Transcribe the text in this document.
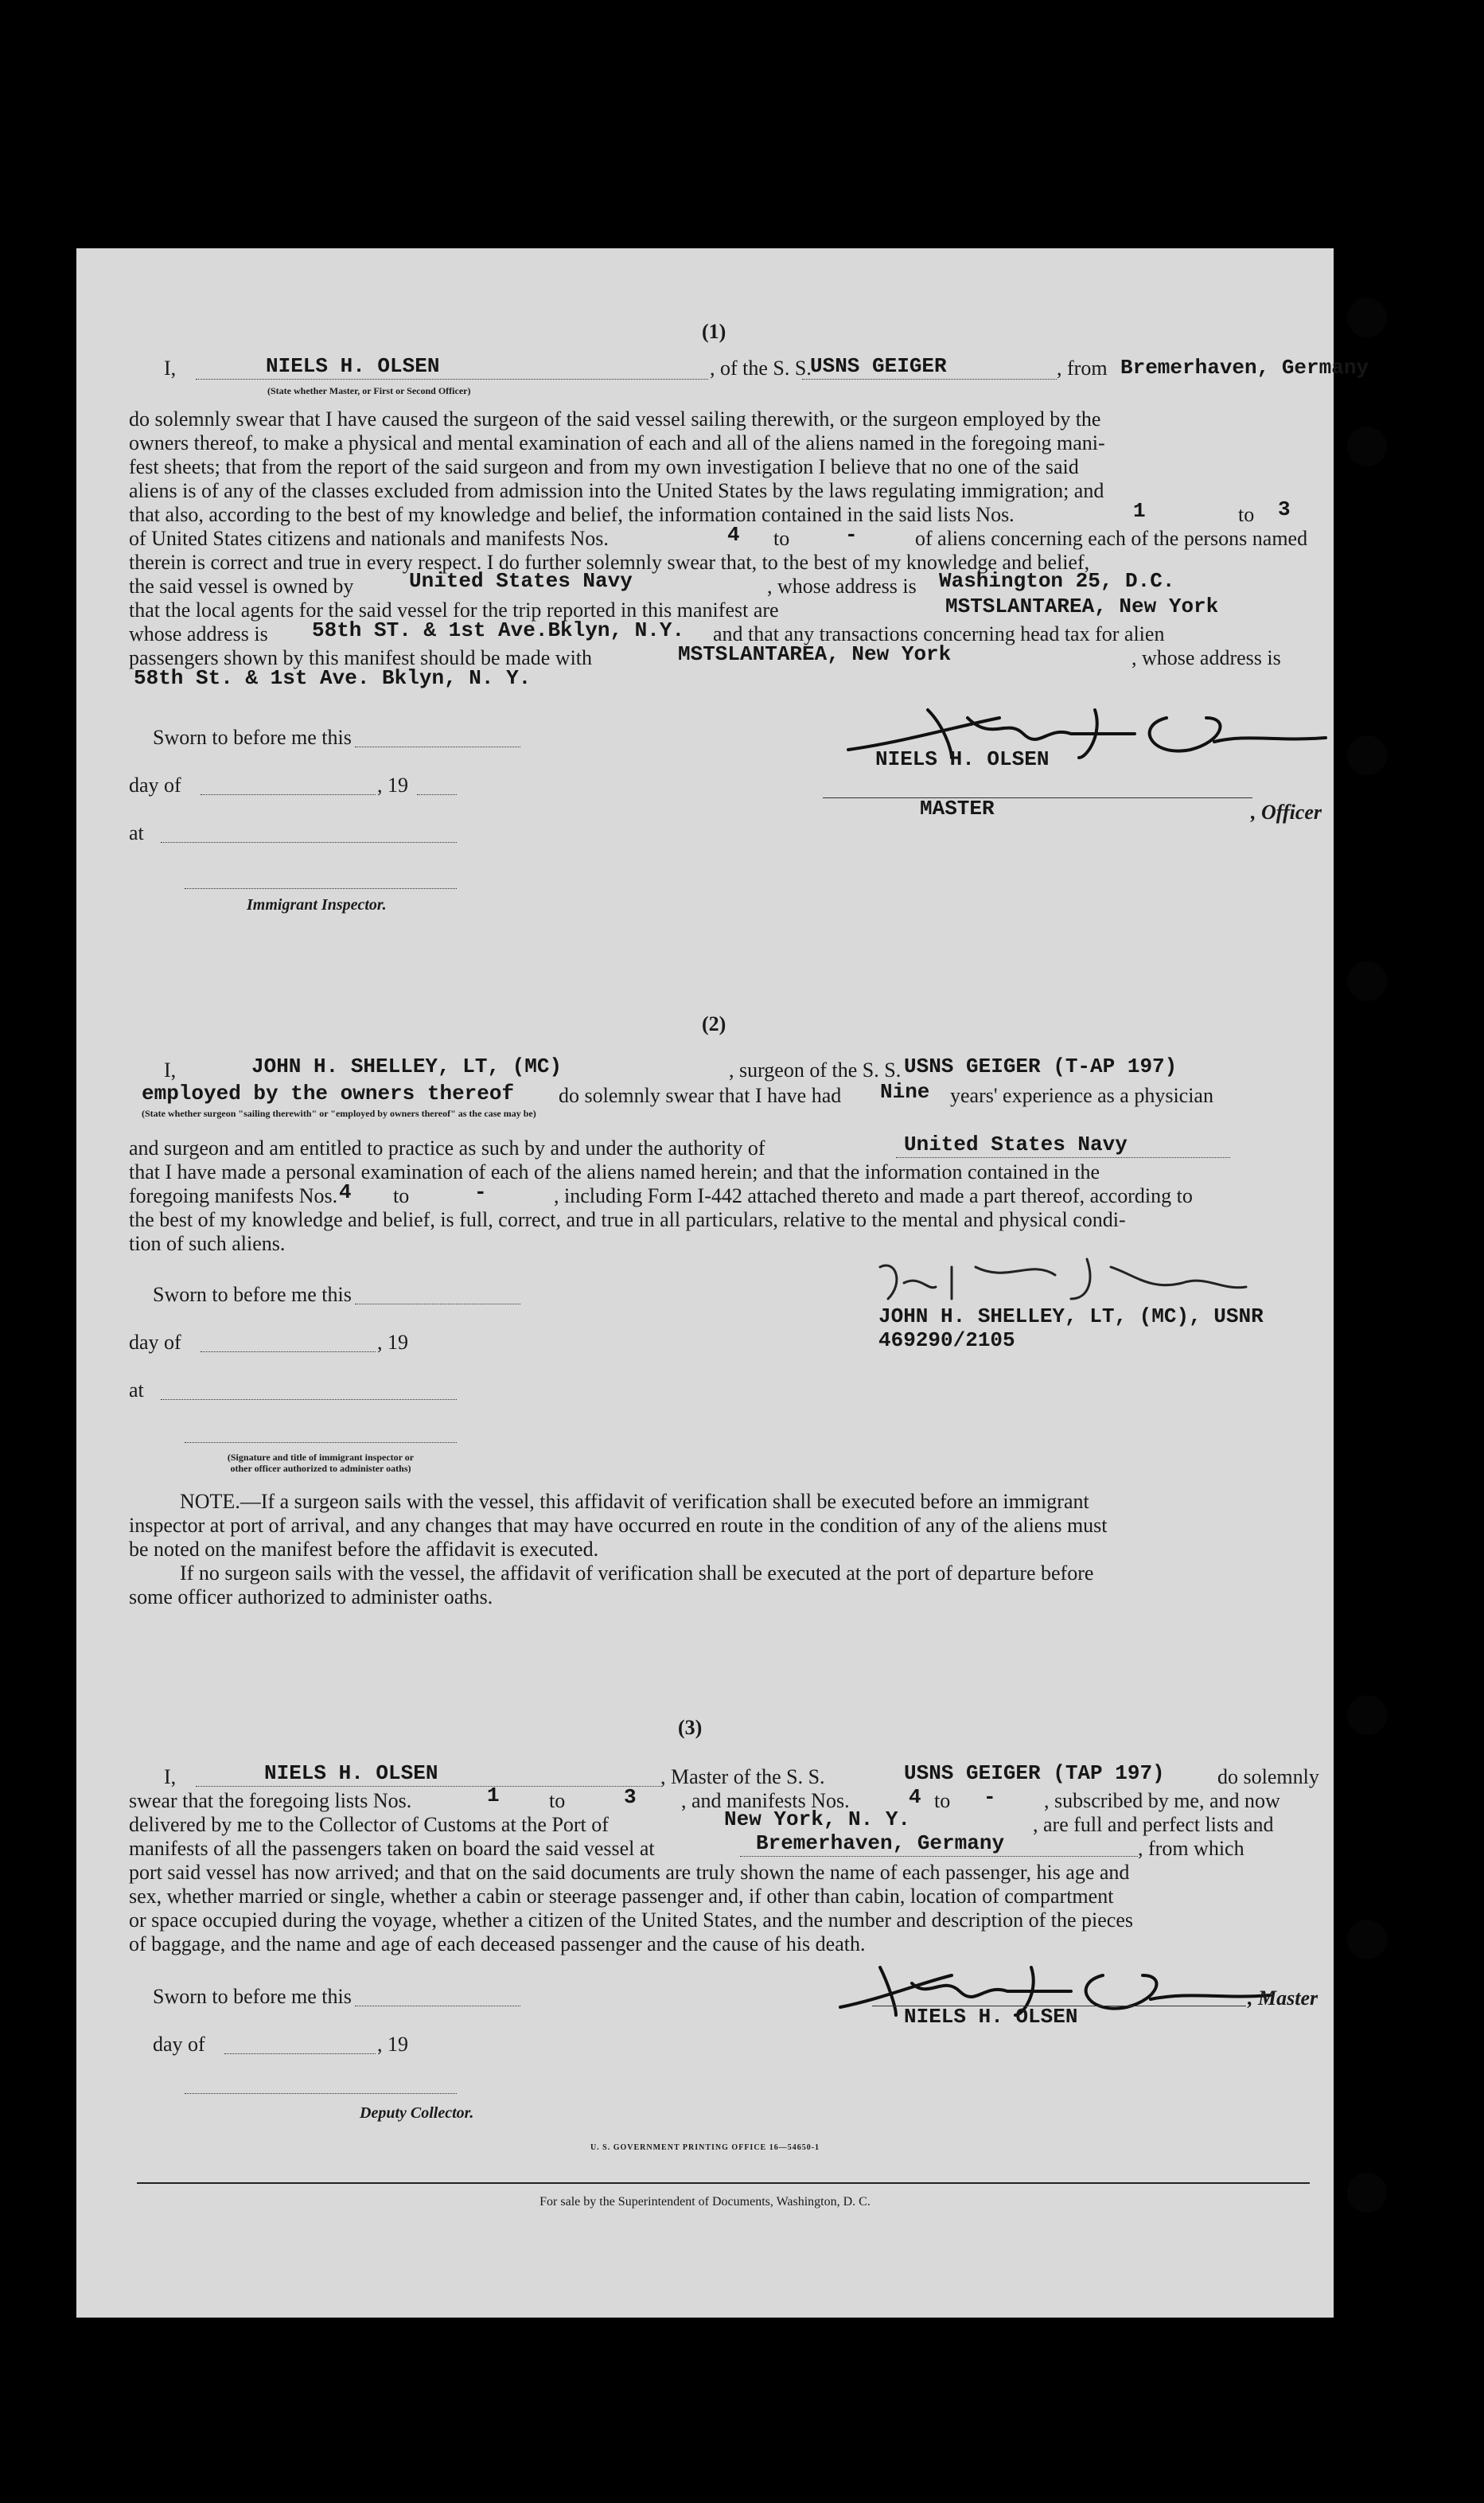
(1)
I,	NIELS H. OLSEN
(State whether Master, or First or Second Officer)
, of the S. S.
USNS GEIGER	, from Bremerhaven, Germany
do solemnly swear that I have caused the surgeon of the said vessel sailing therewith, or the surgeon employed by the
owners thereof, to make a physical and mental examination of each and all of the aliens named in the foregoing mani-
fest sheets; that from the report of the said surgeon and from my own investigation I believe that no one of the said
aliens is of any of the classes excluded from admission into the United States by the laws regulating immigration; and
that also, according to the best of my knowledge and belief, the information contained in the said lists Nos.	1	to 3
of United States citizens and nationals and manifests Nos.	4 to	-	of aliens concerning each of the persons named
therein is correct and true in every respect. I do further solemnly swear that, to the best of my knowledge and belief,
the said vessel is owned by	United States Navy	, whose address is Washington 25, D.C.
that the local agents for the said vessel for the trip reported in this manifest are	MSTSLANTAREA, New York
whose address is 58th ST. & 1st Ave.Bklyn, N.Y. and that any transactions concerning head tax for alien
passengers shown by this manifest should be made with	MSTSLANTAREA, New York	, whose address is
58th St. & 1st Ave. Bklyn, N. Y.
Sworn to before me this
day of	, 19
at
Immigrant Inspector.
NIELS H. OLSEN
MASTER	, Officer
(2)
I,	JOHN H. SHELLEY, LT, (MC)	, surgeon of the S. S. USNS GEIGER (T-AP 197)
employed by the owners thereof do solemnly swear that I have had Nine years' experience as a physician
(State whether surgeon "sailing therewith" or "employed by owners thereof" as the case may be)
and surgeon and am entitled to practice as such by and under the authority of	United States Navy
that I have made a personal examination of each of the aliens named herein; and that the information contained in the
foregoing manifests Nos. 4 to	-	, including Form I-442 attached thereto and made a part thereof, according to
the best of my knowledge and belief, is full, correct, and true in all particulars, relative to the mental and physical condi-
tion of such aliens.
Sworn to before me this
day of	, 19
at
(Signature and title of immigrant inspector or
other officer authorized to administer oaths)
JOHN H. SHELLEY, LT, (MC), USNR
469290/2105
NOTE.—If a surgeon sails with the vessel, this affidavit of verification shall be executed before an immigrant
inspector at port of arrival, and any changes that may have occurred en route in the condition of any of the aliens must
be noted on the manifest before the affidavit is executed.
If no surgeon sails with the vessel, the affidavit of verification shall be executed at the port of departure before
some officer authorized to administer oaths.
(3)
I,	NIELS H. OLSEN	, Master of the S. S.	USNS GEIGER (TAP 197)	do solemnly
swear that the foregoing lists Nos.	1 to	3 , and manifests Nos.	4 to - , subscribed by me, and now
delivered by me to the Collector of Customs at the Port of	New York, N. Y.	, are full and perfect lists and
manifests of all the passengers taken on board the said vessel at	Bremerhaven, Germany	, from which
port said vessel has now arrived; and that on the said documents are truly shown the name of each passenger, his age and
sex, whether married or single, whether a cabin or steerage passenger and, if other than cabin, location of compartment
or space occupied during the voyage, whether a citizen of the United States, and the number and description of the pieces
of baggage, and the name and age of each deceased passenger and the cause of his death.
Sworn to before me this
day of	, 19
Deputy Collector.
, Master
NIELS H. OLSEN
U. S. GOVERNMENT PRINTING OFFICE 16—54650-1
For sale by the Superintendent of Documents, Washington, D. C.
